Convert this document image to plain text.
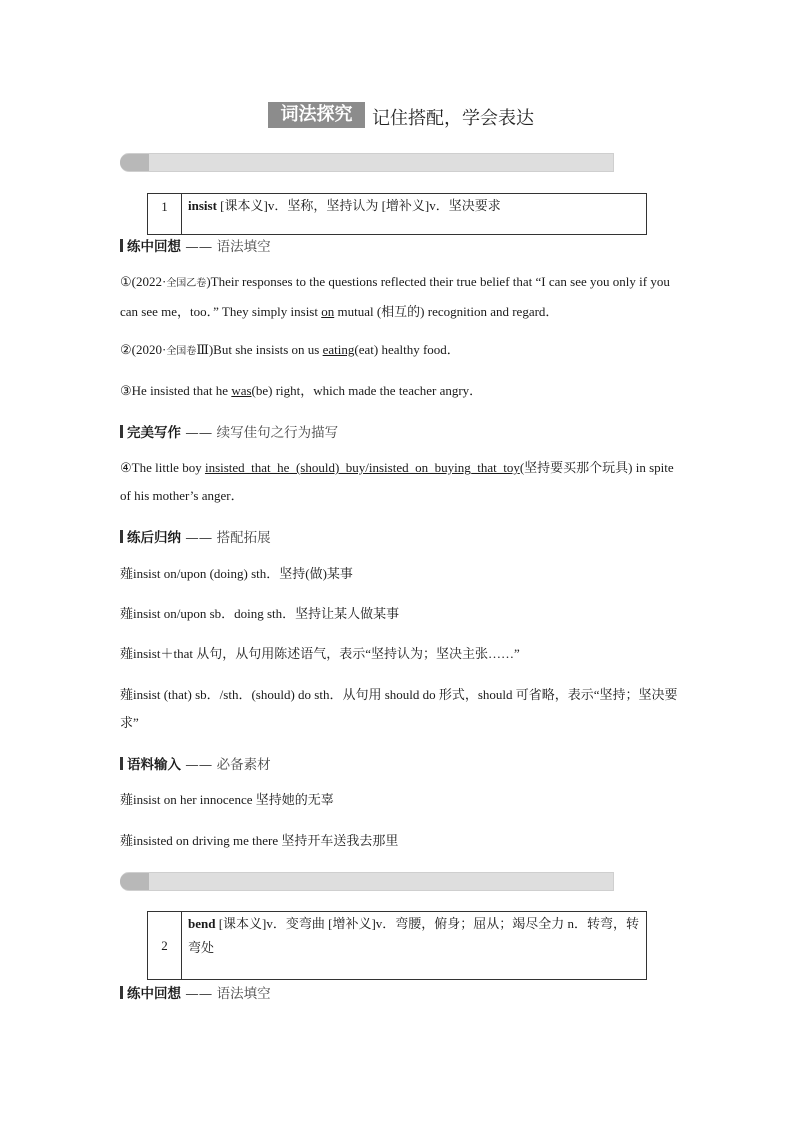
词法探究	记住搭配，学会表达
1	insist [课本义]v．坚称，坚持认为 [增补义]v．坚决要求
练中回想 —— 语法填空
①(2022·全国乙卷)Their responses to the questions reflected their true belief that “I can see you only if you can see me，too．” They simply insist on mutual (相互的) recognition and regard．
②(2020·全国卷Ⅲ)But she insists on us eating(eat) healthy food．
③He insisted that he was(be) right，which made the teacher angry．
完美写作 —— 续写佳句之行为描写
④The little boy insisted_that_he_(should)_buy/insisted_on_buying_that_toy(坚持要买那个玩具) in spite of his mother’s anger．
练后归纳 —— 搭配拓展
薤insist on/upon (doing) sth．坚持(做)某事
薤insist on/upon sb．doing sth．坚持让某人做某事
薤insist＋that 从句，从句用陈述语气，表示“坚持认为；坚决主张……”
薤insist (that) sb．/sth．(should) do sth．从句用 should do 形式，should 可省略，表示“坚持；坚决要求”
语料输入 —— 必备素材
薤insist on her innocence 坚持她的无辜
薤insisted on driving me there 坚持开车送我去那里
2
bend [课本义]v．变弯曲 [增补义]v．弯腰，俯身；屈从；竭尽全力 n．转弯，转弯处
练中回想 —— 语法填空
